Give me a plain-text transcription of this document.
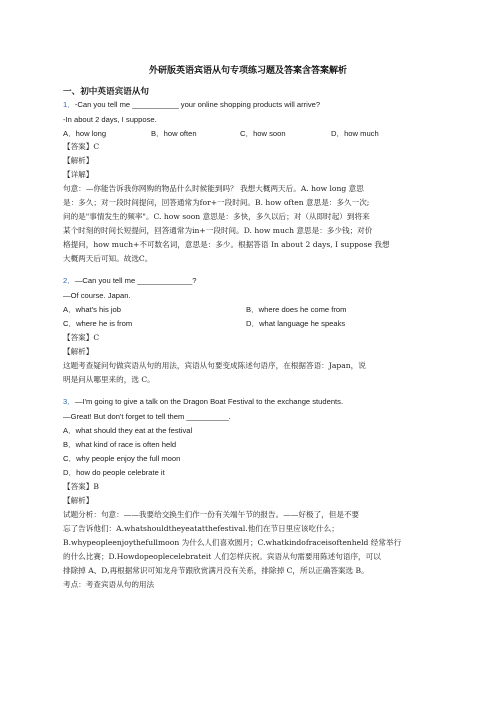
外研版英语宾语从句专项练习题及答案含答案解析
一、初中英语宾语从句
1．-Can you tell me ___________ your online shopping products will arrive?
-In about 2 days, I suppose.
A．how long	B．how often	C．how soon	D．how much
【答案】C
【解析】
【详解】
句意：—你能告诉我你网购的物品什么时候能到吗？ 我想大概两天后。A. how long 意思
是：多久；对一段时间提问，回答通常为for+一段时间。B. how often 意思是：多久一次;
问的是"事情发生的频率"。C. how soon 意思是：多快，多久以后；对（从即时起）到将来
某个时刻的时间长短提问，回答通常为in+一段时间。D. how much 意思是：多少钱；对价
格提问，how much+不可数名词，意思是：多少。根据答语 In about 2 days, I suppose 我想
大概两天后可知。故选C。
2．—Can you tell me _____________?
—Of course. Japan.
A．what's his job	B．where does he come from
C．where he is from	D．what language he speaks
【答案】C
【解析】
这题考查疑问句做宾语从句的用法，宾语从句要变成陈述句语序，在根据答语：Japan，说
明是问从哪里来的，选 C。
3．—I'm going to give a talk on the Dragon Boat Festival to the exchange students.
—Great! But don't forget to tell them __________.
A．what should they eat at the festival
B．what kind of race is often held
C．why people enjoy the full moon
D．how do people celebrate it
【答案】B
【解析】
试题分析：句意：——我要给交换生们作一份有关端午节的报告。——好极了，但是不要
忘了告诉他们：A.whatshouldtheyeatatthefestival.他们在节日里应该吃什么；
B.whypeopleenjoythefullmoon 为什么人们喜欢圆月；C.whatkindofraceisoftenheld 经常举行
的什么比赛；D.Howdopeoplecelebrateit 人们怎样庆祝。宾语从句需要用陈述句语序，可以
排除掉 A、D,再根据常识可知龙舟节跟欣赏满月没有关系，排除掉 C，所以正确答案选 B。
考点：考查宾语从句的用法
